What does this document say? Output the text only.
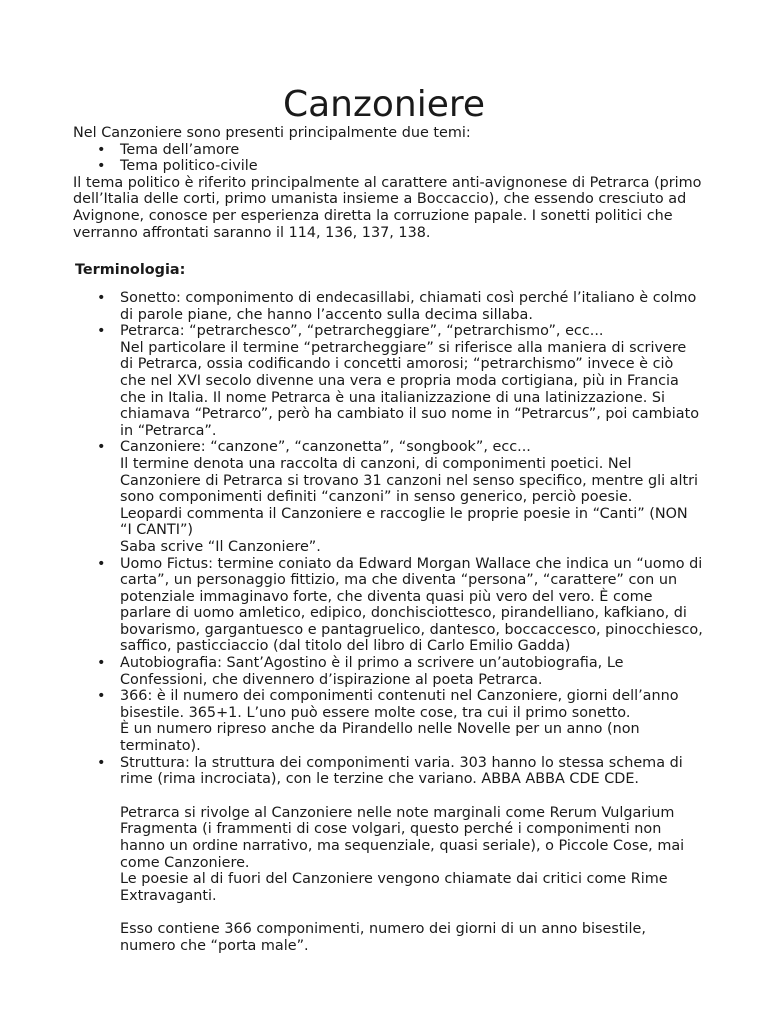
Canzoniere

Nel Canzoniere sono presenti principalmente due temi:

• Tema dell’amore
• Tema politico-civile

Il tema politico è riferito principalmente al carattere anti-avignonese di Petrarca (primo
dell’Italia delle corti, primo umanista insieme a Boccaccio), che essendo cresciuto ad
Avignone, conosce per esperienza diretta la corruzione papale. I sonetti politici che
verranno affrontati saranno il 114, 136, 137, 138.

Terminologia:

• Sonetto: componimento di endecasillabi, chiamati così perché l’italiano è colmo
di parole piane, che hanno l’accento sulla decima sillaba.
• Petrarca: “petrarchesco”, “petrarcheggiare”, “petrarchismo”, ecc...
Nel particolare il termine “petrarcheggiare” si riferisce alla maniera di scrivere
di Petrarca, ossia codificando i concetti amorosi; “petrarchismo” invece è ciò
che nel XVI secolo divenne una vera e propria moda cortigiana, più in Francia
che in Italia. Il nome Petrarca è una italianizzazione di una latinizzazione. Si
chiamava “Petrarco”, però ha cambiato il suo nome in “Petrarcus”, poi cambiato
in “Petrarca”.
• Canzoniere: “canzone”, “canzonetta”, “songbook”, ecc...
Il termine denota una raccolta di canzoni, di componimenti poetici. Nel
Canzoniere di Petrarca si trovano 31 canzoni nel senso specifico, mentre gli altri
sono componimenti definiti “canzoni” in senso generico, perciò poesie.
Leopardi commenta il Canzoniere e raccoglie le proprie poesie in “Canti” (NON
“I CANTI”)
Saba scrive “Il Canzoniere”.
• Uomo Fictus: termine coniato da Edward Morgan Wallace che indica un “uomo di
carta”, un personaggio fittizio, ma che diventa “persona”, “carattere” con un
potenziale immaginavo forte, che diventa quasi più vero del vero. È come
parlare di uomo amletico, edipico, donchisciottesco, pirandelliano, kafkiano, di
bovarismo, gargantuesco e pantagruelico, dantesco, boccaccesco, pinocchiesco,
saffico, pasticciaccio (dal titolo del libro di Carlo Emilio Gadda)
• Autobiografia: Sant’Agostino è il primo a scrivere un’autobiografia, Le
Confessioni, che divennero d’ispirazione al poeta Petrarca.
• 366: è il numero dei componimenti contenuti nel Canzoniere, giorni dell’anno
bisestile. 365+1. L’uno può essere molte cose, tra cui il primo sonetto.
È un numero ripreso anche da Pirandello nelle Novelle per un anno (non
terminato).
• Struttura: la struttura dei componimenti varia. 303 hanno lo stessa schema di
rime (rima incrociata), con le terzine che variano. ABBA ABBA CDE CDE.
Petrarca si rivolge al Canzoniere nelle note marginali come Rerum Vulgarium
Fragmenta (i frammenti di cose volgari, questo perché i componimenti non
hanno un ordine narrativo, ma sequenziale, quasi seriale), o Piccole Cose, mai
come Canzoniere.
Le poesie al di fuori del Canzoniere vengono chiamate dai critici come Rime
Extravaganti.
Esso contiene 366 componimenti, numero dei giorni di un anno bisestile,
numero che “porta male”.
